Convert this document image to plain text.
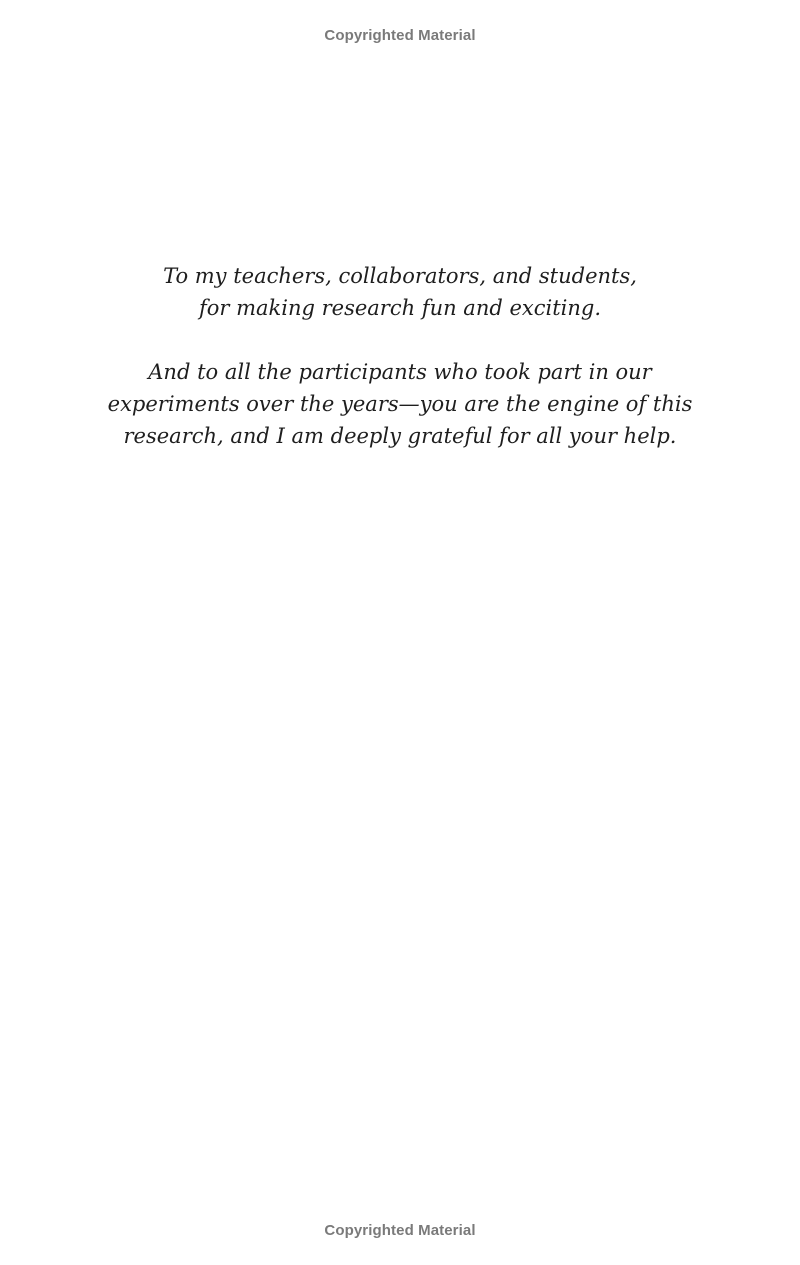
Copyrighted Material
To my teachers, collaborators, and students,
for making research fun and exciting.
And to all the participants who took part in our
experiments over the years—you are the engine of this
research, and I am deeply grateful for all your help.
Copyrighted Material
